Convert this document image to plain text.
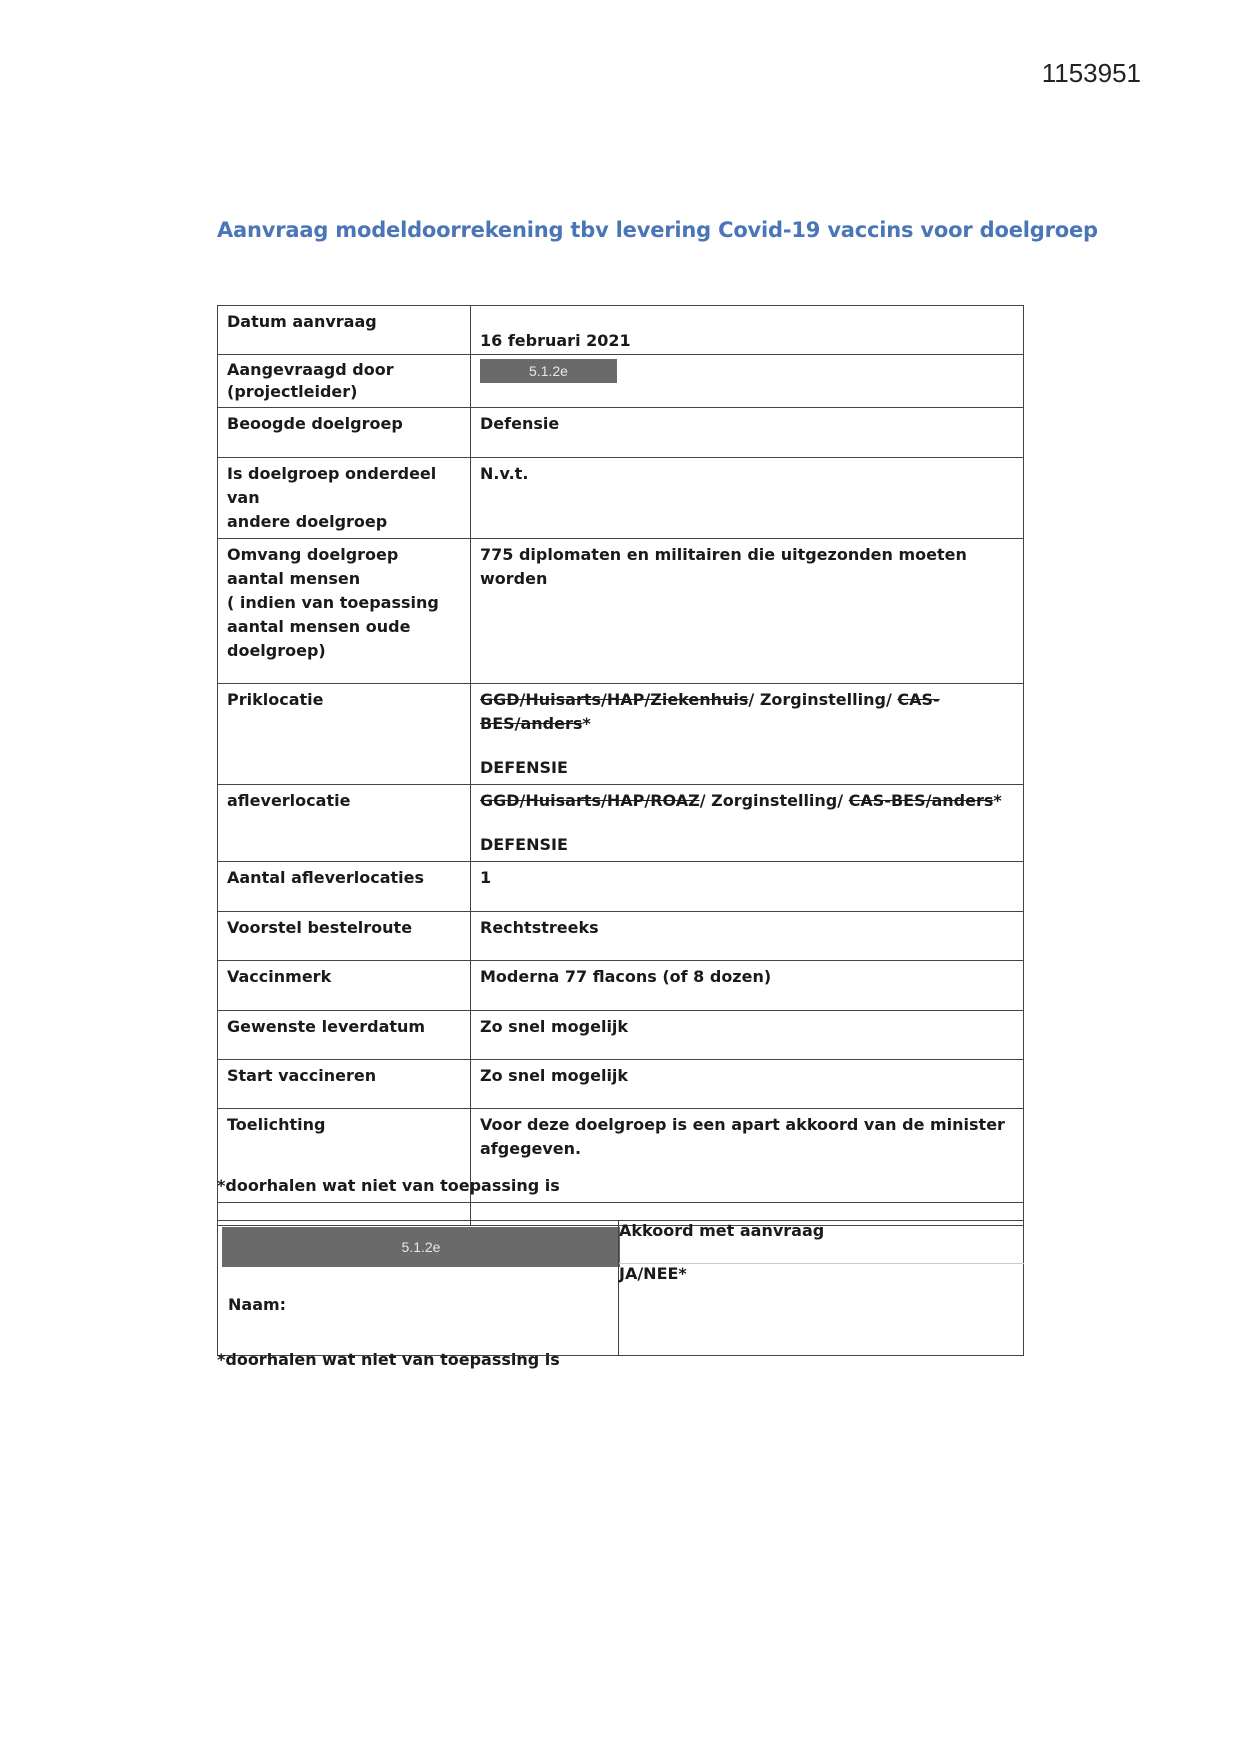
1153951
Aanvraag modeldoorrekening tbv levering Covid-19 vaccins voor doelgroep
Datum aanvraag	16 februari 2021

Aangevraagd door
(projectleider)	5.1.2e
Beoogde doelgroep	Defensie

Is doelgroep onderdeel van
andere doelgroep	N.v.t.

Omvang doelgroep
aantal mensen
( indien van toepassing
aantal mensen oude
doelgroep)	775 diplomaten en militairen die uitgezonden moeten worden
Priklocatie	GGD/Huisarts/HAP/Ziekenhuis/ Zorginstelling/ CAS-BES/anders*
DEFENSIE

afleverlocatie	GGD/Huisarts/HAP/ROAZ/ Zorginstelling/ CAS-BES/anders*
DEFENSIE

Aantal afleverlocaties	1
Voorstel bestelroute	Rechtstreeks
Vaccinmerk	Moderna 77 flacons (of 8 dozen)
Gewenste leverdatum	Zo snel mogelijk
Start vaccineren	Zo snel mogelijk
Toelichting	Voor deze doelgroep is een apart akkoord van de minister
afgegeven.

*doorhalen wat niet van toepassing is
5.1.2e
Naam:
	Akkoord met aanvraag
JA/NEE*
*doorhalen wat niet van toepassing is
